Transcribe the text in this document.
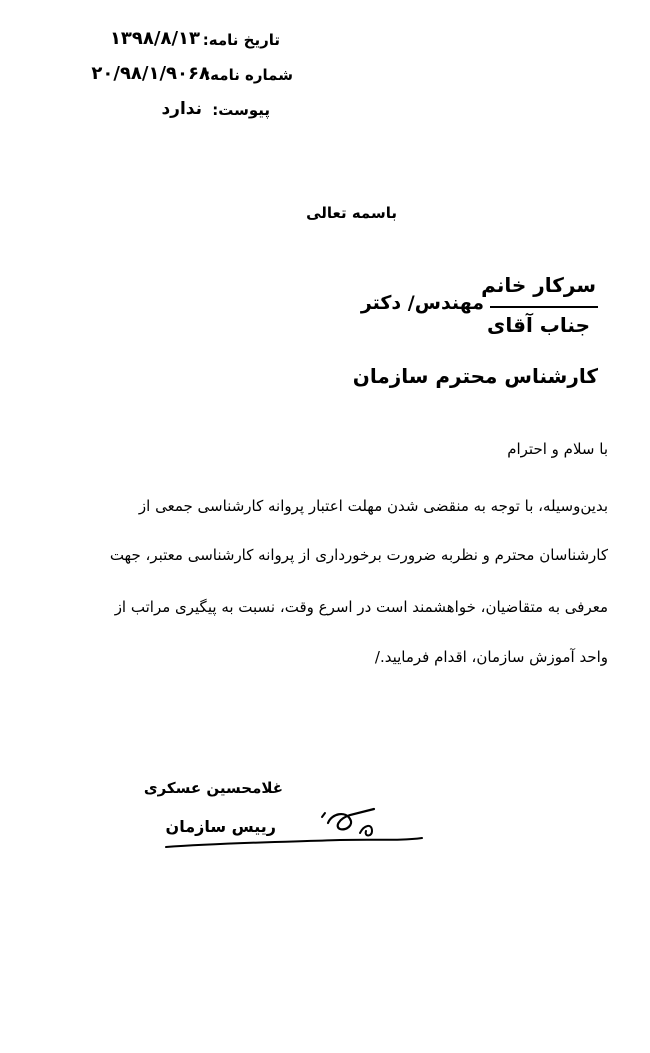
تاریخ نامه:
۱۳۹۸/۸/۱۳
شماره نامه:
۲۰/۹۸/۱/۹۰۶۸
پیوست:
ندارد
باسمه تعالی
سرکار خانم
جناب آقای
مهندس/ دکتر
کارشناس محترم سازمان
با سلام و احترام
بدین‌وسیله، با توجه به منقضی شدن مهلت اعتبار پروانه کارشناسی جمعی از
کارشناسان محترم و نظربه ضرورت برخورداری از پروانه کارشناسی معتبر، جهت
معرفی به متقاضیان، خواهشمند است در اسرع وقت، نسبت به پیگیری مراتب از
واحد آموزش سازمان، اقدام فرمایید./
غلامحسین عسکری
رییس سازمان
